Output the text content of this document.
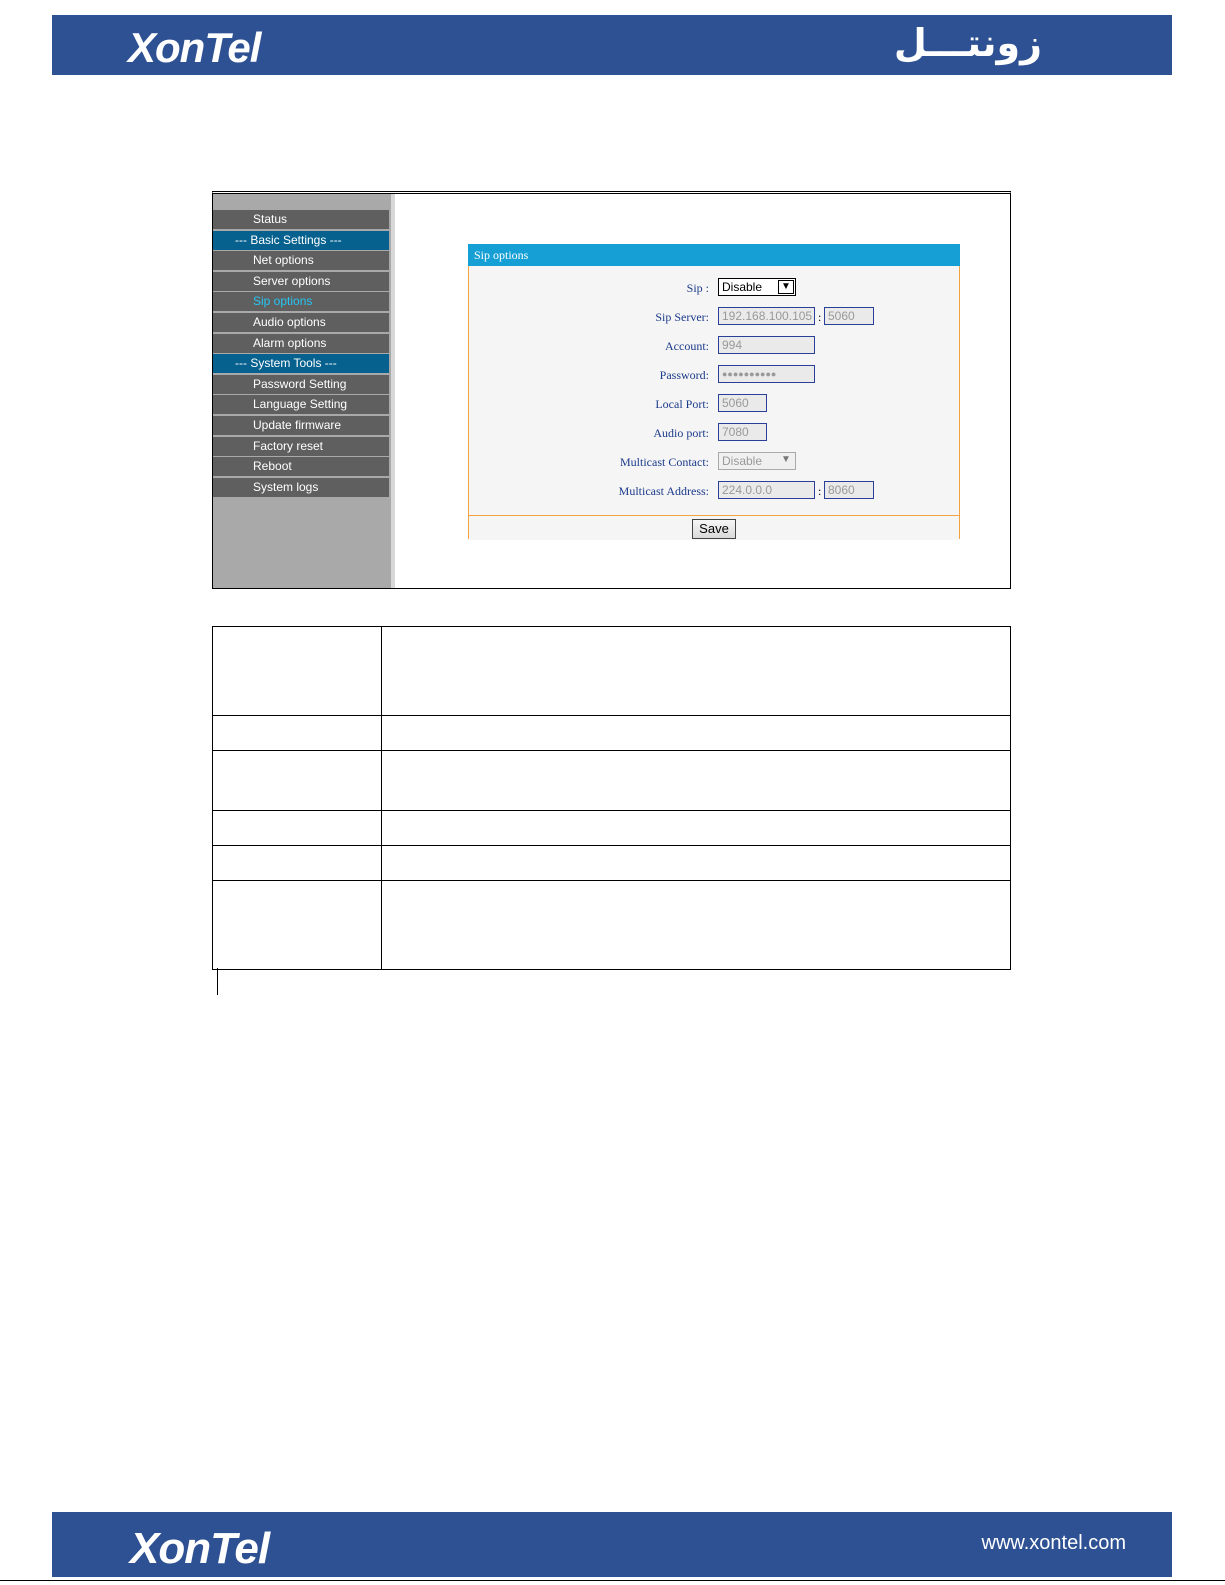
XonTel	زونتـــل
Status
--- Basic Settings ---
Net options
Server options
Sip options
Audio options
Alarm options
--- System Tools ---
Password Setting
Language Setting
Update firmware
Factory reset
Reboot
System logs
Sip options
Sip :	Disable	▼
Sip Server:	192.168.100.105 : 5060
Account:	994
Password:	●●●●●●●●●●
Local Port:	5060
Audio port:	7080
Multicast Contact:	Disable	▼
Multicast Address:	224.0.0.0	: 8060
Save

XonTel	www.xontel.com
